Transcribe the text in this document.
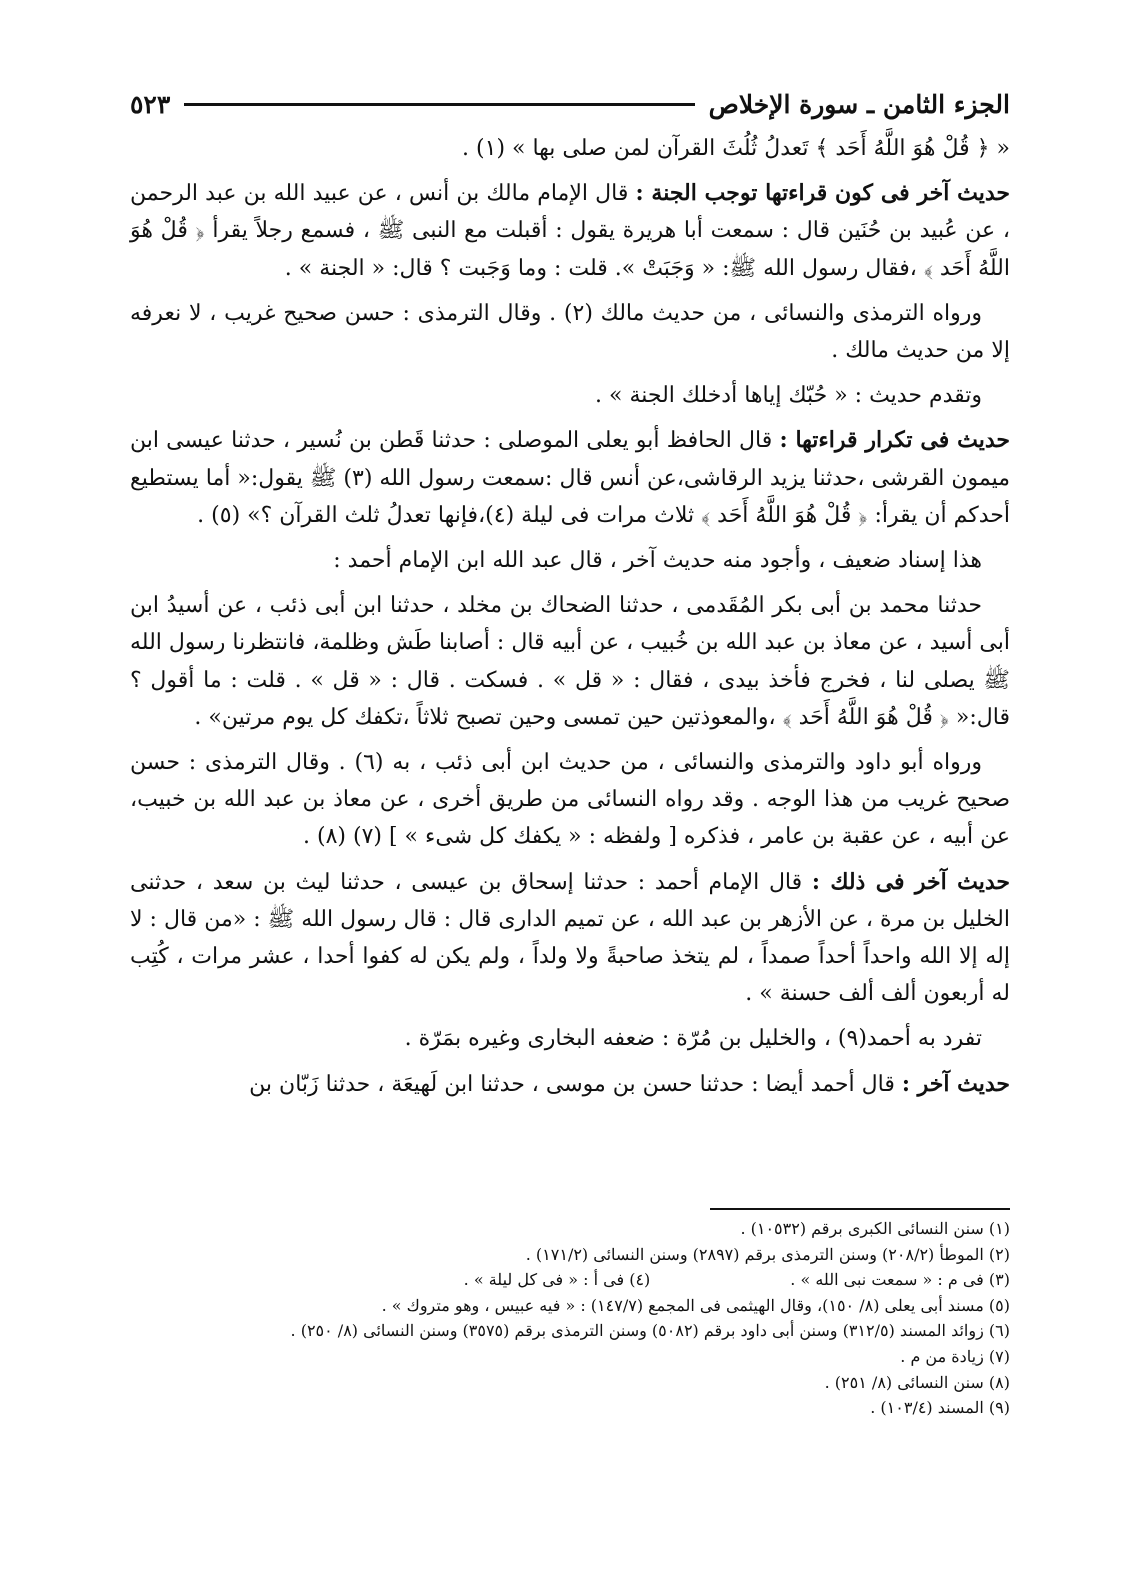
الجزء الثامن ـ سورة الإخلاص
٥٢٣

« ﴿ قُلْ هُوَ اللَّهُ أَحَد ﴾ تَعدلُ ثُلُثَ القرآن لمن صلى بها » (١) .

حديث آخر فى كون قراءتها توجب الجنة : قال الإمام مالك بن أنس ، عن عبيد الله بن عبد الرحمن ، عن عُبيد بن حُنَين قال : سمعت أبا هريرة يقول : أقبلت مع النبى ﷺ ، فسمع رجلاً يقرأ ﴿ قُلْ هُوَ اللَّهُ أَحَد ﴾ ،فقال رسول الله ﷺ: « وَجَبَتْ ». قلت : وما وَجَبت ؟ قال: « الجنة » .

ورواه الترمذى والنسائى ، من حديث مالك (٢) . وقال الترمذى : حسن صحيح غريب ، لا نعرفه إلا من حديث مالك .

وتقدم حديث : « حُبّك إياها أدخلك الجنة » .

حديث فى تكرار قراءتها : قال الحافظ أبو يعلى الموصلى : حدثنا قَطن بن نُسير ، حدثنا عيسى ابن ميمون القرشى ،حدثنا يزيد الرقاشى،عن أنس قال :سمعت رسول الله (٣) ﷺ يقول:« أما يستطيع أحدكم أن يقرأ: ﴿ قُلْ هُوَ اللَّهُ أَحَد ﴾ ثلاث مرات فى ليلة (٤)،فإنها تعدلُ ثلث القرآن ؟» (٥) .

هذا إسناد ضعيف ، وأجود منه حديث آخر ، قال عبد الله ابن الإمام أحمد :

حدثنا محمد بن أبى بكر المُقَدمى ، حدثنا الضحاك بن مخلد ، حدثنا ابن أبى ذئب ، عن أسيدُ ابن أبى أسيد ، عن معاذ بن عبد الله بن خُبيب ، عن أبيه قال : أصابنا طَش وظلمة، فانتظرنا رسول الله ﷺ يصلى لنا ، فخرج فأخذ بيدى ، فقال : « قل » . فسكت . قال : « قل » . قلت : ما أقول ؟ قال:« ﴿ قُلْ هُوَ اللَّهُ أَحَد ﴾ ،والمعوذتين حين تمسى وحين تصبح ثلاثاً ،تكفك كل يوم مرتين» .

ورواه أبو داود والترمذى والنسائى ، من حديث ابن أبى ذئب ، به (٦) . وقال الترمذى : حسن صحيح غريب من هذا الوجه . وقد رواه النسائى من طريق أخرى ، عن معاذ بن عبد الله بن خبيب، عن أبيه ، عن عقبة بن عامر ، فذكره [ ولفظه : « يكفك كل شىء » ] (٧) (٨) .

حديث آخر فى ذلك : قال الإمام أحمد : حدثنا إسحاق بن عيسى ، حدثنا ليث بن سعد ، حدثنى الخليل بن مرة ، عن الأزهر بن عبد الله ، عن تميم الدارى قال : قال رسول الله ﷺ : «من قال : لا إله إلا الله واحداً أحداً صمداً ، لم يتخذ صاحبةً ولا ولداً ، ولم يكن له كفوا أحدا ، عشر مرات ، كُتِب له أربعون ألف ألف حسنة » .

تفرد به أحمد(٩) ، والخليل بن مُرّة : ضعفه البخارى وغيره بمَرّة .

حديث آخر : قال أحمد أيضا : حدثنا حسن بن موسى ، حدثنا ابن لَهيعَة ، حدثنا زَبّان بن

(١) سنن النسائى الكبرى برقم (١٠٥٣٢) .
(٢) الموطأ (٢٠٨/٢) وسنن الترمذى برقم (٢٨٩٧) وسنن النسائى (١٧١/٢) .
(٣) فى م : « سمعت نبى الله » .(٤) فى أ : « فى كل ليلة » .
(٥) مسند أبى يعلى (٨/ ١٥٠)، وقال الهيثمى فى المجمع (١٤٧/٧) : « فيه عبيس ، وهو متروك » .
(٦) زوائد المسند (٣١٢/٥) وسنن أبى داود برقم (٥٠٨٢) وسنن الترمذى برقم (٣٥٧٥) وسنن النسائى (٨/ ٢٥٠) .
(٧) زيادة من م .
(٨) سنن النسائى (٨/ ٢٥١) .
(٩) المسند (١٠٣/٤) .
